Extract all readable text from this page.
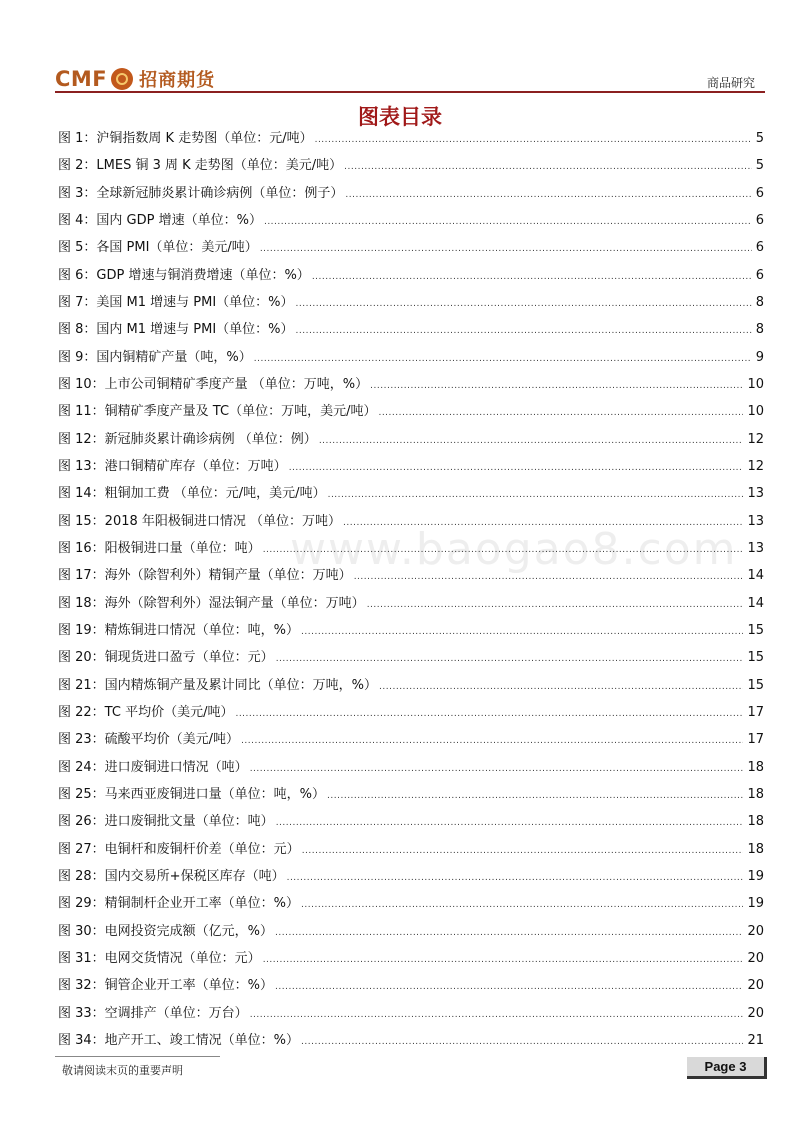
CMF 招商期货	商品研究
图表目录
www.baogao8.com
图 1：沪铜指数周 K 走势图（单位：元/吨） .....	5
图 2：LMES 铜 3 周 K 走势图（单位：美元/吨） .....	5
图 3：全球新冠肺炎累计确诊病例（单位：例子） .....	6
图 4：国内 GDP 增速（单位：%） .....	6
图 5：各国 PMI（单位：美元/吨） .....	6
图 6：GDP 增速与铜消费增速（单位：%） .....	6
图 7：美国 M1 增速与 PMI（单位：%） .....	8
图 8：国内 M1 增速与 PMI（单位：%） .....	8
图 9：国内铜精矿产量（吨，%） .....	9
图 10：上市公司铜精矿季度产量 （单位：万吨，%） .....	10
图 11：铜精矿季度产量及 TC（单位：万吨，美元/吨） .....	10
图 12：新冠肺炎累计确诊病例 （单位：例） .....	12
图 13：港口铜精矿库存（单位：万吨） .....	12
图 14：粗铜加工费 （单位：元/吨，美元/吨） .....	13
图 15：2018 年阳极铜进口情况 （单位：万吨） .....	13
图 16：阳极铜进口量（单位：吨） .....	13
图 17：海外（除智利外）精铜产量（单位：万吨） .....	14
图 18：海外（除智利外）湿法铜产量（单位：万吨） .....	14
图 19：精炼铜进口情况（单位：吨，%） .....	15
图 20：铜现货进口盈亏（单位：元） .....	15
图 21：国内精炼铜产量及累计同比（单位：万吨，%） .....	15
图 22：TC 平均价（美元/吨） .....	17
图 23：硫酸平均价（美元/吨） .....	17
图 24：进口废铜进口情况（吨） .....	18
图 25：马来西亚废铜进口量（单位：吨，%） .....	18
图 26：进口废铜批文量（单位：吨） .....	18
图 27：电铜杆和废铜杆价差（单位：元） .....	18
图 28：国内交易所+保税区库存（吨） .....	19
图 29：精铜制杆企业开工率（单位：%） .....	19
图 30：电网投资完成额（亿元，%） .....	20
图 31：电网交货情况（单位：元） .....	20
图 32：铜管企业开工率（单位：%） .....	20
图 33：空调排产（单位：万台） .....	20
图 34：地产开工、竣工情况（单位：%） .....	21
敬请阅读末页的重要声明	Page 3
